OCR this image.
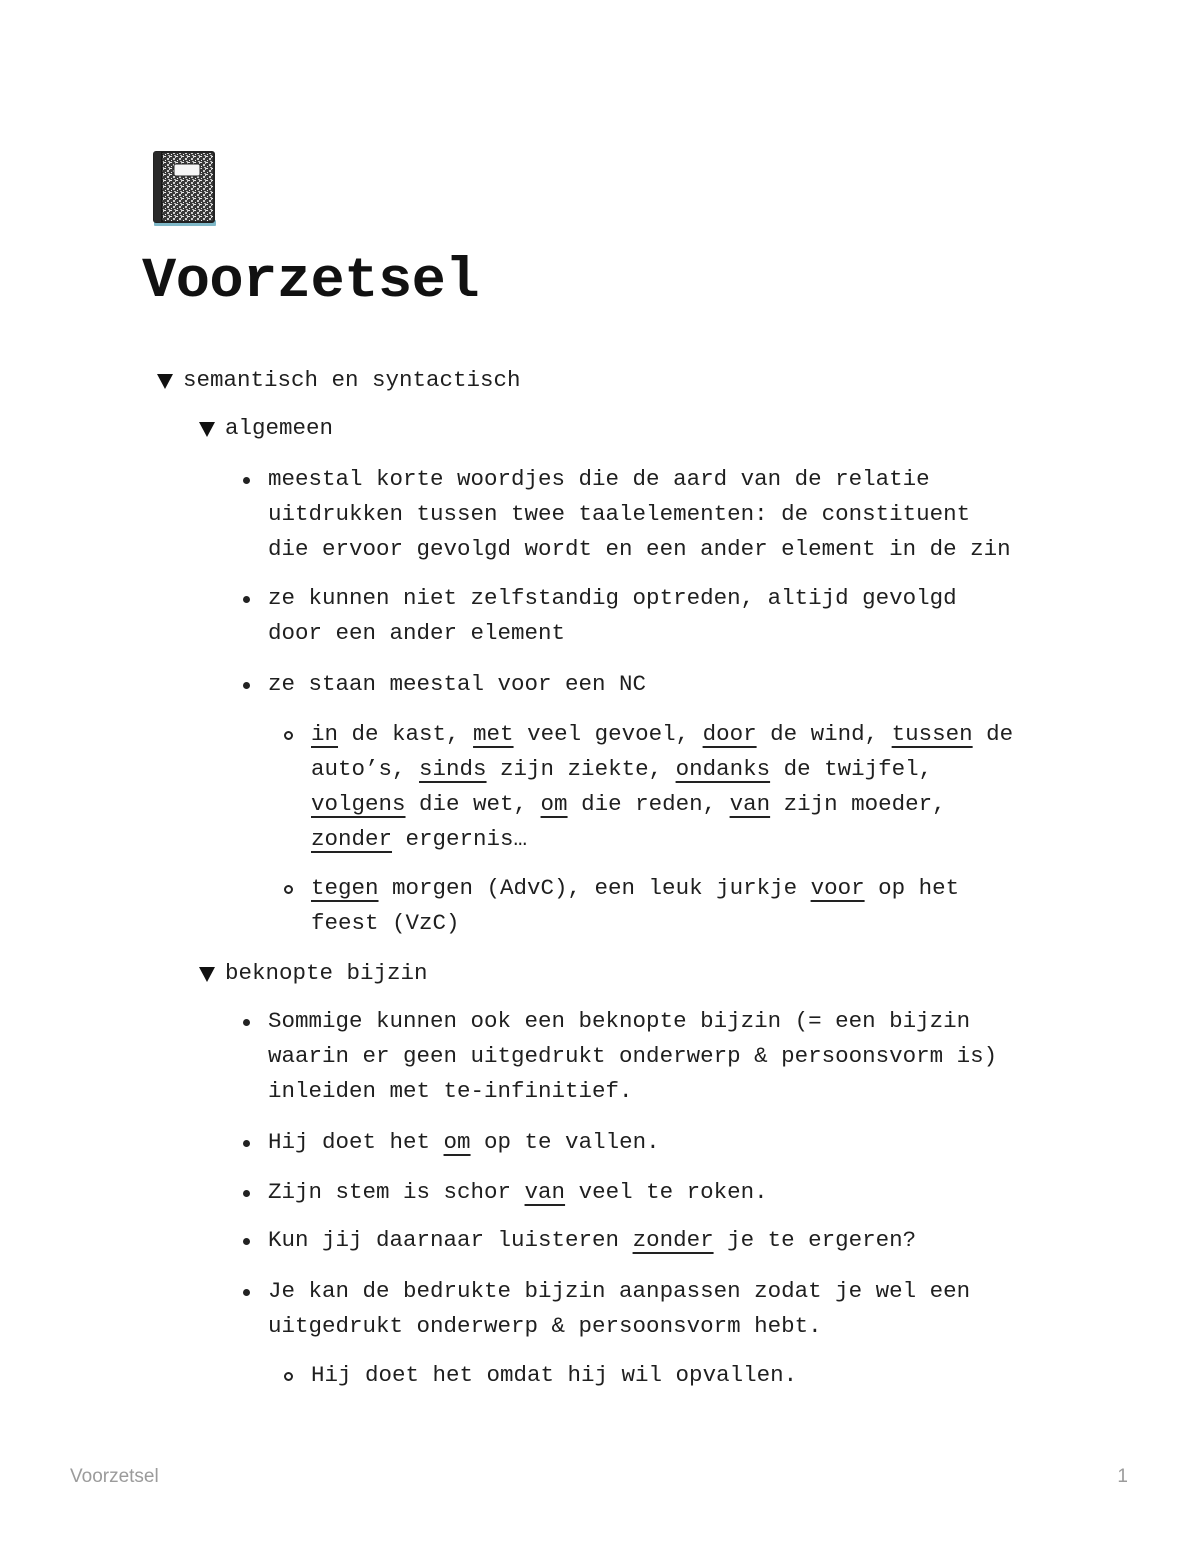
Voorzetsel
semantisch en syntactisch
algemeen
meestal korte woordjes die de aard van de relatie
uitdrukken tussen twee taalelementen: de constituent
die ervoor gevolgd wordt en een ander element in de zin
ze kunnen niet zelfstandig optreden, altijd gevolgd
door een ander element
ze staan meestal voor een NC
in de kast, met veel gevoel, door de wind, tussen de
auto’s, sinds zijn ziekte, ondanks de twijfel,
volgens die wet, om die reden, van zijn moeder,
zonder ergernis…
tegen morgen (AdvC), een leuk jurkje voor op het
feest (VzC)
beknopte bijzin
Sommige kunnen ook een beknopte bijzin (= een bijzin
waarin er geen uitgedrukt onderwerp & persoonsvorm is)
inleiden met te-infinitief.
Hij doet het om op te vallen.
Zijn stem is schor van veel te roken.
Kun jij daarnaar luisteren zonder je te ergeren?
Je kan de bedrukte bijzin aanpassen zodat je wel een
uitgedrukt onderwerp & persoonsvorm hebt.
Hij doet het omdat hij wil opvallen.
Voorzetsel	1
